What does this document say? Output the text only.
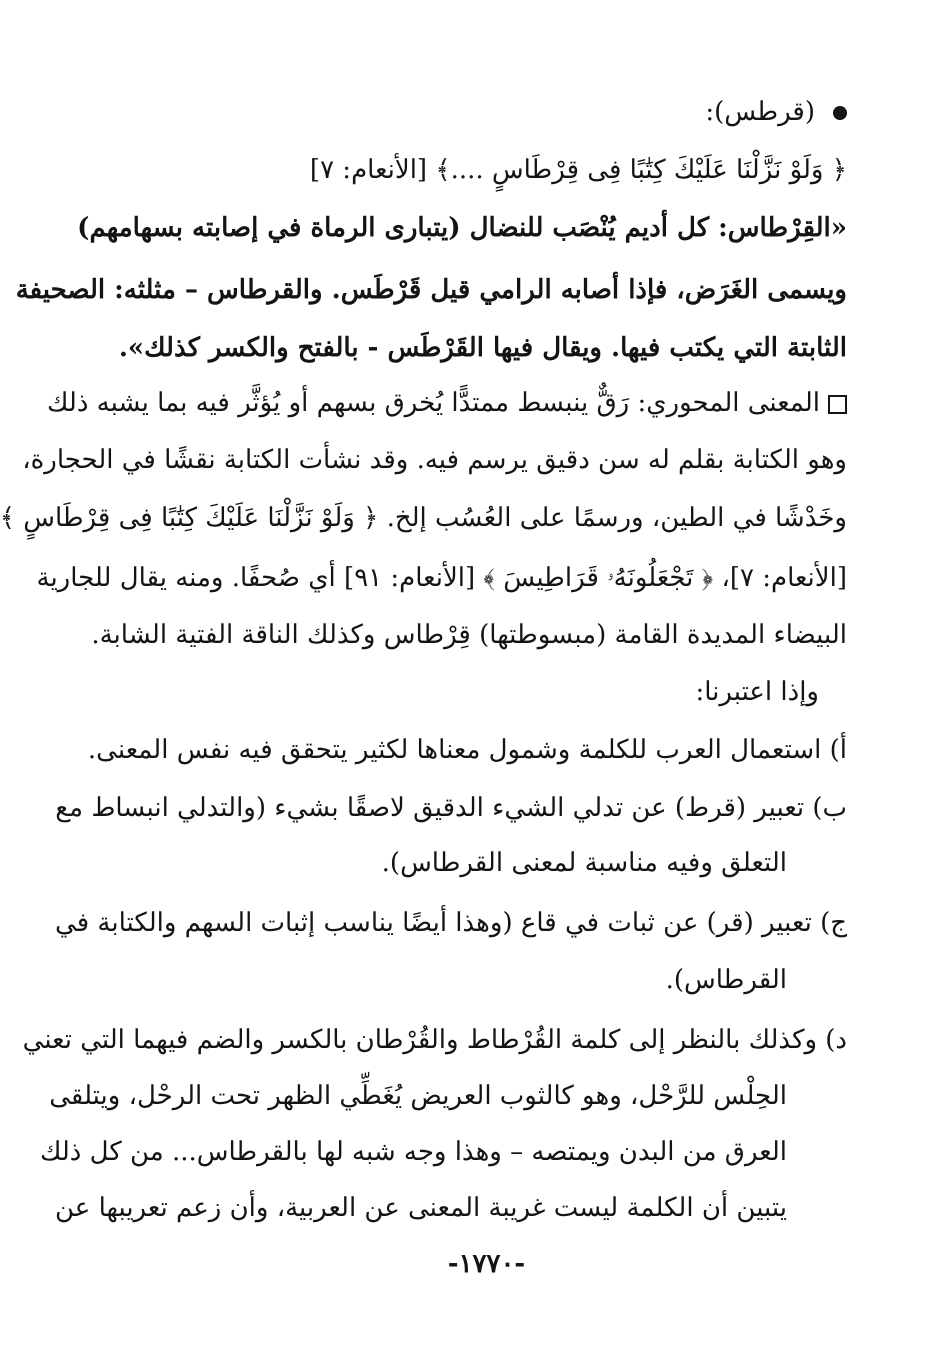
(قرطس):
﴿ وَلَوْ نَزَّلْنَا عَلَيْكَ كِتَٰبًا فِى قِرْطَاسٍ ....﴾ [الأنعام: ٧]
«القِرْطاس: كل أديم يُنْصَب للنضال (يتبارى الرماة في إصابته بسهامهم)
ويسمى الغَرَض، فإذا أصابه الرامي قيل قَرْطَس. والقرطاس – مثلثه: الصحيفة
الثابتة التي يكتب فيها. ويقال فيها القَرْطَس - بالفتح والكسر كذلك».
المعنى المحوري: رَقٌّ ينبسط ممتدًّا يُخرق بسهم أو يُؤثَّر فيه بما يشبه ذلك
وهو الكتابة بقلم له سن دقيق يرسم فيه. وقد نشأت الكتابة نقشًا في الحجارة،
وخَدْشًا في الطين، ورسمًا على العُسُب إلخ. ﴿ وَلَوْ نَزَّلْنَا عَلَيْكَ كِتَٰبًا فِى قِرْطَاسٍ ﴾
[الأنعام: ٧]، ﴿ تَجْعَلُونَهُۥ قَرَاطِيسَ ﴾ [الأنعام: ٩١] أي صُحفًا. ومنه يقال للجارية
البيضاء المديدة القامة (مبسوطتها) قِرْطاس وكذلك الناقة الفتية الشابة.
وإذا اعتبرنا:
أ) استعمال العرب للكلمة وشمول معناها لكثير يتحقق فيه نفس المعنى.
ب) تعبير (قرط) عن تدلي الشيء الدقيق لاصقًا بشيء (والتدلي انبساط مع
التعلق وفيه مناسبة لمعنى القرطاس).
ج) تعبير (قر) عن ثبات في قاع (وهذا أيضًا يناسب إثبات السهم والكتابة في
القرطاس).
د) وكذلك بالنظر إلى كلمة القُرْطاط والقُرْطان بالكسر والضم فيهما التي تعني
الحِلْس للرَّحْل، وهو كالثوب العريض يُغَطِّي الظهر تحت الرحْل، ويتلقى
العرق من البدن ويمتصه – وهذا وجه شبه لها بالقرطاس... من كل ذلك
يتبين أن الكلمة ليست غريبة المعنى عن العربية، وأن زعم تعريبها عن
-١٧٧٠-
